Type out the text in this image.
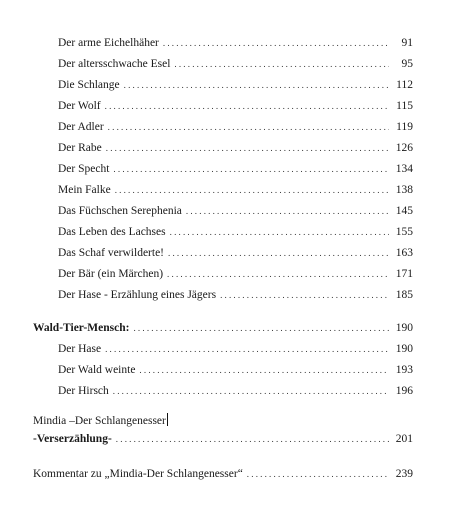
Der arme Eichelhäher .....	91
Der altersschwache Esel .....	95
Die Schlange .....	112
Der Wolf .....	115
Der Adler .....	119
Der Rabe .....	126
Der Specht .....	134
Mein Falke .....	138
Das Füchschen Serephenia .....	145
Das Leben des Lachses .....	155
Das Schaf verwilderte! .....	163
Der Bär (ein Märchen) .....	171
Der Hase - Erzählung eines Jägers .....	185
Wald-Tier-Mensch: .....	190
Der Hase .....	190
Der Wald weinte .....	193
Der Hirsch .....	196
Mindia –Der Schlangenesser
-Verserzählung- .....	201
Kommentar zu „Mindia-Der Schlangenesser“ .....	239
